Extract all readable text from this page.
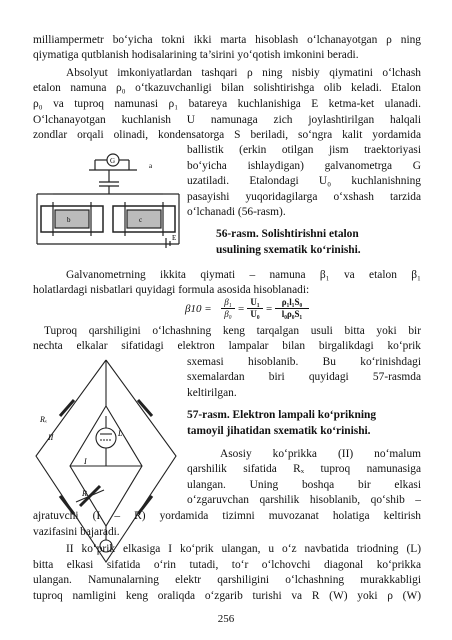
milliampermetr bo‘yicha tokni ikki marta hisoblash o‘lchanayotgan ρ ning
qiymatiga qutblanish hodisalarining ta’sirini yo‘qotish imkonini beradi.
Absolyut imkoniyatlardan tashqari ρ ning nisbiy qiymatini o‘lchash
etalon namuna ρ₀ o‘tkazuvchanligi bilan solishtirishga olib keladi. Etalon
ρ₀ va tuproq namunasi ρ₁ batareya kuchlanishiga E ketma-ket ulanadi.
O‘lchanayotgan kuchlanish U namunaga zich joylashtirilgan halqali
zondlar orqali olinadi, kondensatorga S beriladi, so‘ngra kalit yordamida
G
a
b	c
E
ballistik (erkin otilgan jism traektoriyasi
bo‘yicha ishlaydigan) galvanometrga G
uzatiladi. Etalondagi U₀ kuchlanishning
pasayishi yuqoridagilarga o‘xshash tarzida
o‘lchanadi (56-rasm).
56-rasm. Solishtirishni etalon
usulining sxematik ko‘rinishi.
Galvanometrning ikkita qiymati – namuna β₁ va etalon β₁
holatlardagi nisbatlari quyidagi formula asosida hisoblanadi:
$\beta 10 = \frac{\text{β₁}}{\text{β₀}} = \frac{\text{U₁}}{\text{U₀}} = \frac{\text{ρ₁l₁S₀}}{\text{l₀ρ₀S₁}}$
Tuproq qarshiligini o‘lchashning keng tarqalgan usuli bitta yoki bir
nechta elkalar sifatidagi elektron lampalar bilan birgalikdagi ko‘prik
Rₓ
II
I
R
L
sxemasi hisoblanib. Bu ko‘rinishdagi
sxemalardan biri quyidagi 57-rasmda
keltirilgan.
57-rasm. Elektron lampali ko‘prikning
tamoyil jihatidan sxematik ko‘rinishi.
Asosiy ko‘prikka (II) no‘malum
qarshilik sifatida Rₓ tuproq namunasiga
ulangan. Uning boshqa bir elkasi
o‘zgaruvchan qarshilik hisoblanib, qo‘shib –
ajratuvchi (I – R) yordamida tizimni muvozanat holatiga keltirish
vazifasini bajaradi.
II ko‘prik elkasiga I ko‘prik ulangan, u o‘z navbatida triodning (L)
bitta elkasi sifatida o‘rin tutadi, to‘r o‘lchovchi diagonal ko‘prikka
ulangan. Namunalarning elektr qarshiligini o‘lchashning murakkabligi
tuproq namligini keng oraliqda o‘zgarib turishi va R (W) yoki ρ (W)
256
